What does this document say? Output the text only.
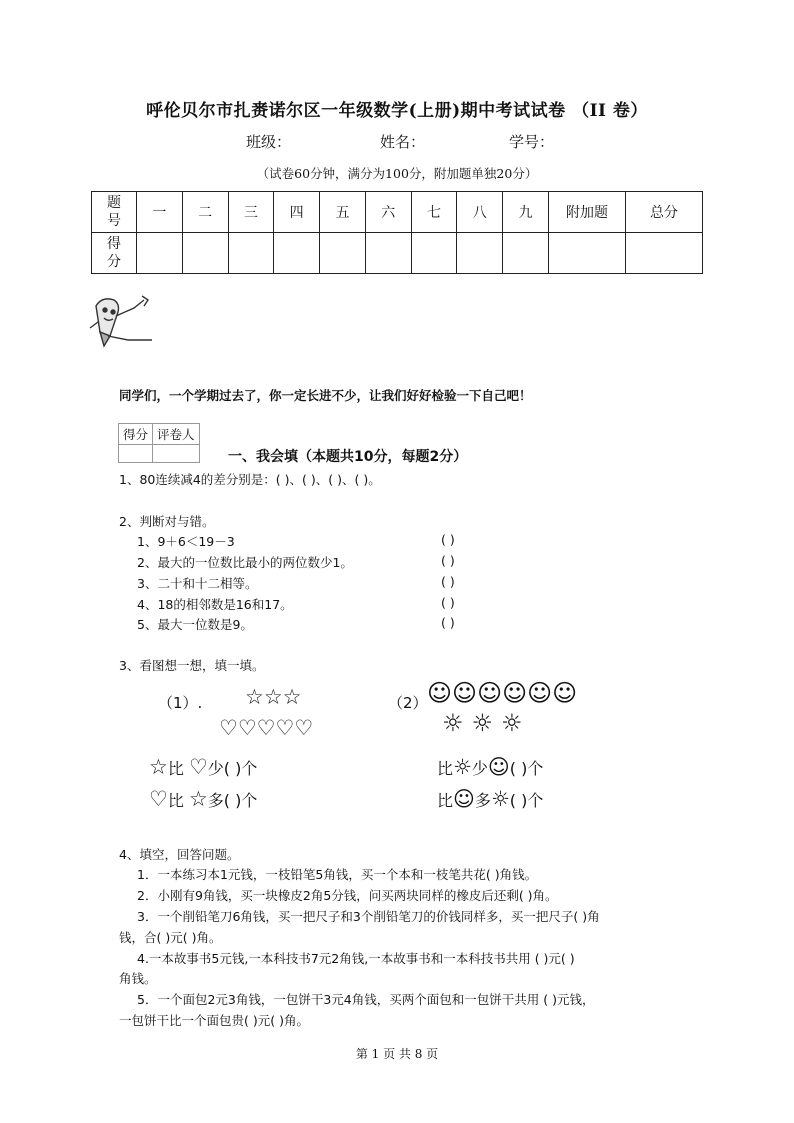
呼伦贝尔市扎赉诺尔区一年级数学(上册)期中考试试卷 （II 卷）
班级：	姓名：	学号：
（试卷60分钟，满分为100分，附加题单独20分）
题号	一	二	三	四	五	六	七	八	九	附加题	总分
得分											
同学们，一个学期过去了，你一定长进不少，让我们好好检验一下自己吧！
得分	评卷人

一、我会填（本题共10分，每题2分）
1、80连续减4的差分别是：( )、( )、( )、( )。
2、判断对与错。
1、9＋6＜19－3	( )
2、最大的一位数比最小的两位数少1。	( )
3、二十和十二相等。	( )
4、18的相邻数是16和17。	( )
5、最大一位数是9。	( )
3、看图想一想，填一填。
（1）.	（2）
☆☆☆
♡♡♡♡♡
☺☺☺☺☺☺
☼☼☼
☆比 ♡少( )个
♡比 ☆多( )个
比☼少☺( )个
比☺多☼( )个
4、填空，回答问题。
1．一本练习本1元钱，一枝铅笔5角钱，买一个本和一枝笔共花( )角钱。
2．小刚有9角钱，买一块橡皮2角5分钱，问买两块同样的橡皮后还剩( )角。
3．一个削铅笔刀6角钱，买一把尺子和3个削铅笔刀的价钱同样多，买一把尺子( )角
钱，合( )元( )角。
4.一本故事书5元钱,一本科技书7元2角钱,一本故事书和一本科技书共用 ( )元( )
角钱。
5．一个面包2元3角钱，一包饼干3元4角钱，买两个面包和一包饼干共用 ( )元钱，
一包饼干比一个面包贵( )元( )角。
第 1 页 共 8 页
